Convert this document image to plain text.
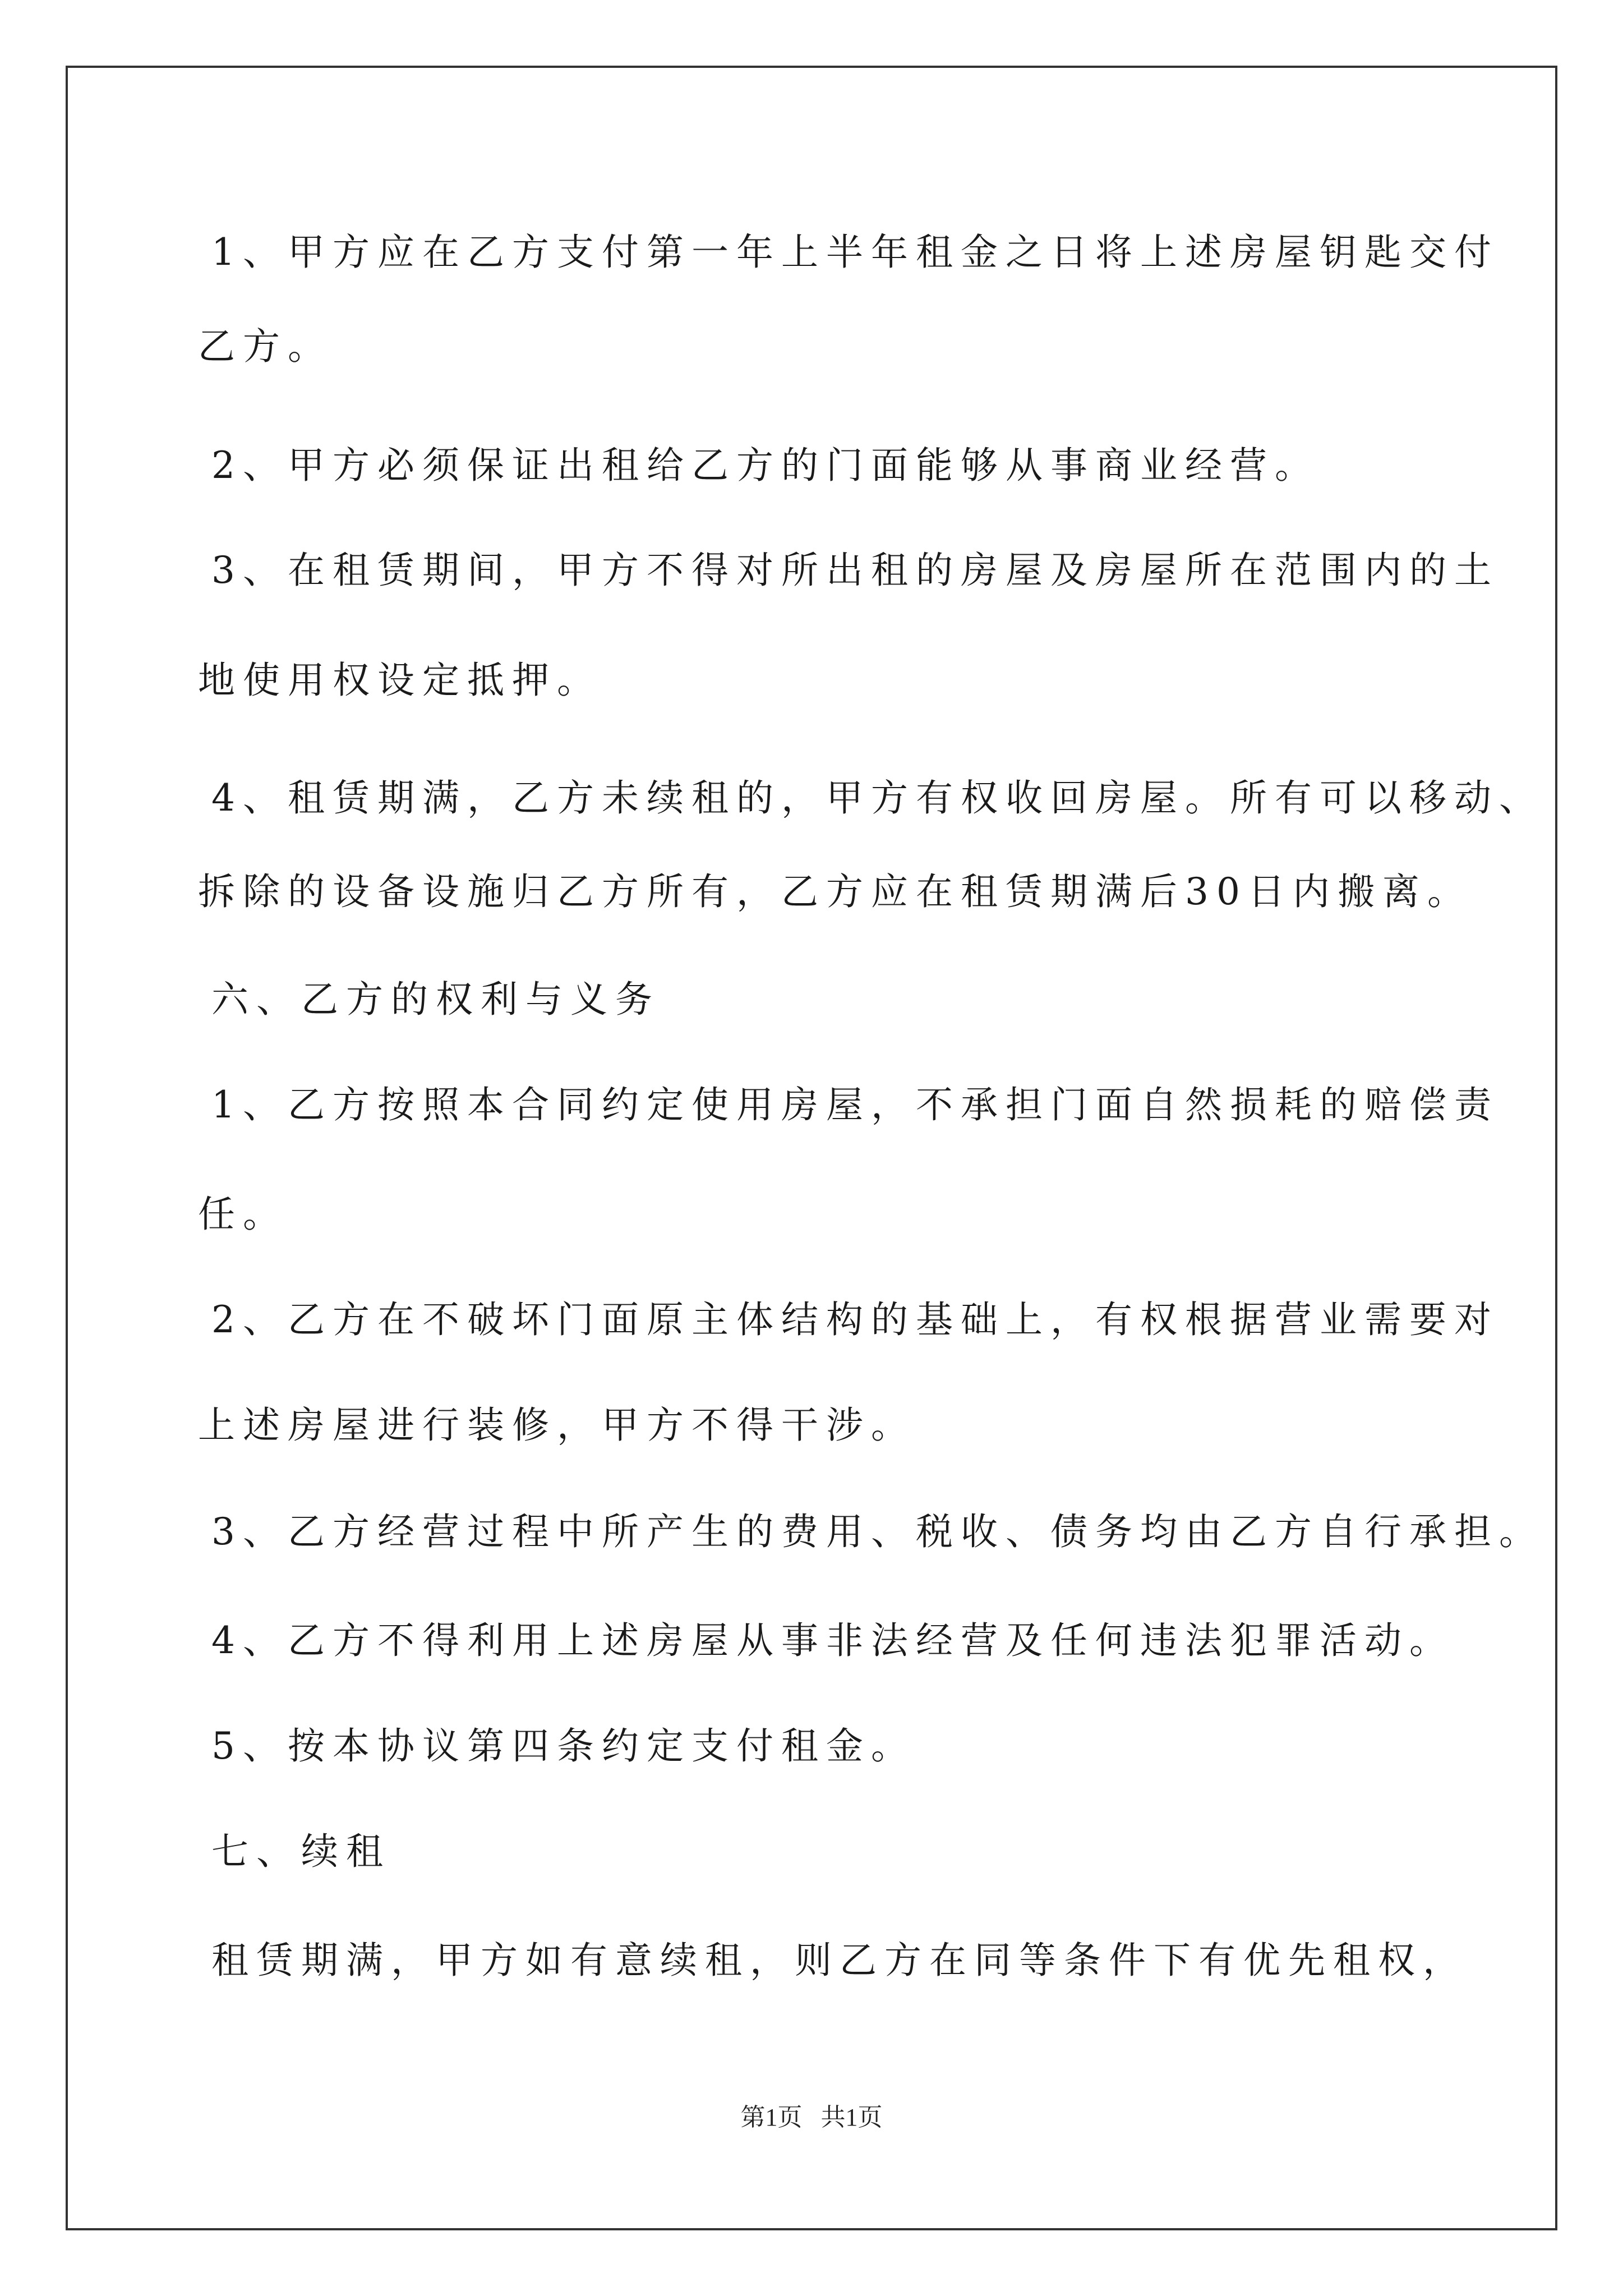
1、甲方应在乙方支付第一年上半年租金之日将上述房屋钥匙交付
乙方。
2、甲方必须保证出租给乙方的门面能够从事商业经营。
3、在租赁期间，甲方不得对所出租的房屋及房屋所在范围内的土
地使用权设定抵押。
4、租赁期满，乙方未续租的，甲方有权收回房屋。所有可以移动、
拆除的设备设施归乙方所有，乙方应在租赁期满后30日内搬离。
六、乙方的权利与义务
1、乙方按照本合同约定使用房屋，不承担门面自然损耗的赔偿责
任。
2、乙方在不破坏门面原主体结构的基础上，有权根据营业需要对
上述房屋进行装修，甲方不得干涉。
3、乙方经营过程中所产生的费用、税收、债务均由乙方自行承担。
4、乙方不得利用上述房屋从事非法经营及任何违法犯罪活动。
5、按本协议第四条约定支付租金。
七、续租
租赁期满，甲方如有意续租，则乙方在同等条件下有优先租权，
第1页   共1页
